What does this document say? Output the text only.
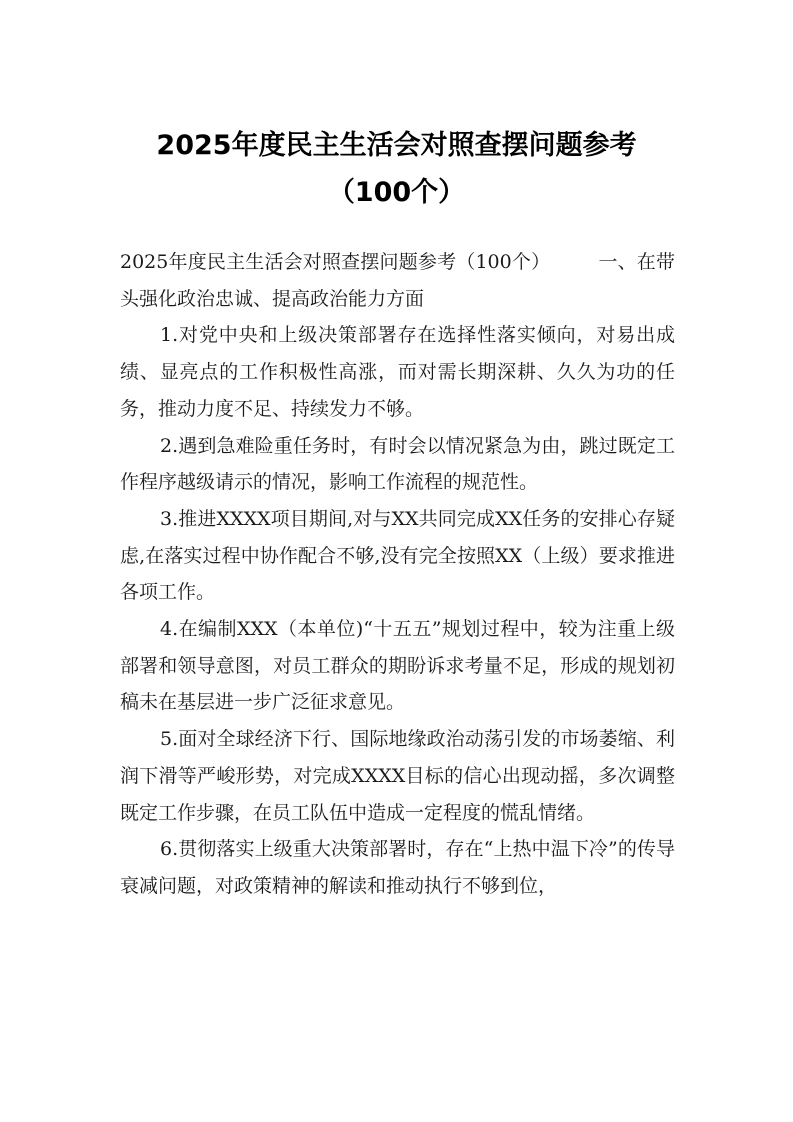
2025年度民主生活会对照查摆问题参考
（100个）

2025年度民主生活会对照查摆问题参考（100个）	一、在带头强化政治忠诚、提高政治能力方面

1.对党中央和上级决策部署存在选择性落实倾向，对易出成绩、显亮点的工作积极性高涨，而对需长期深耕、久久为功的任务，推动力度不足、持续发力不够。

2.遇到急难险重任务时，有时会以情况紧急为由，跳过既定工作程序越级请示的情况，影响工作流程的规范性。

3.推进XXXX项目期间,对与XX共同完成XX任务的安排心存疑虑,在落实过程中协作配合不够,没有完全按照XX（上级）要求推进各项工作。

4.在编制XXX（本单位)“十五五”规划过程中，较为注重上级部署和领导意图，对员工群众的期盼诉求考量不足，形成的规划初稿未在基层进一步广泛征求意见。

5.面对全球经济下行、国际地缘政治动荡引发的市场萎缩、利润下滑等严峻形势，对完成XXXX目标的信心出现动摇，多次调整既定工作步骤，在员工队伍中造成一定程度的慌乱情绪。

6.贯彻落实上级重大决策部署时，存在“上热中温下冷”的传导衰减问题，对政策精神的解读和推动执行不够到位，
